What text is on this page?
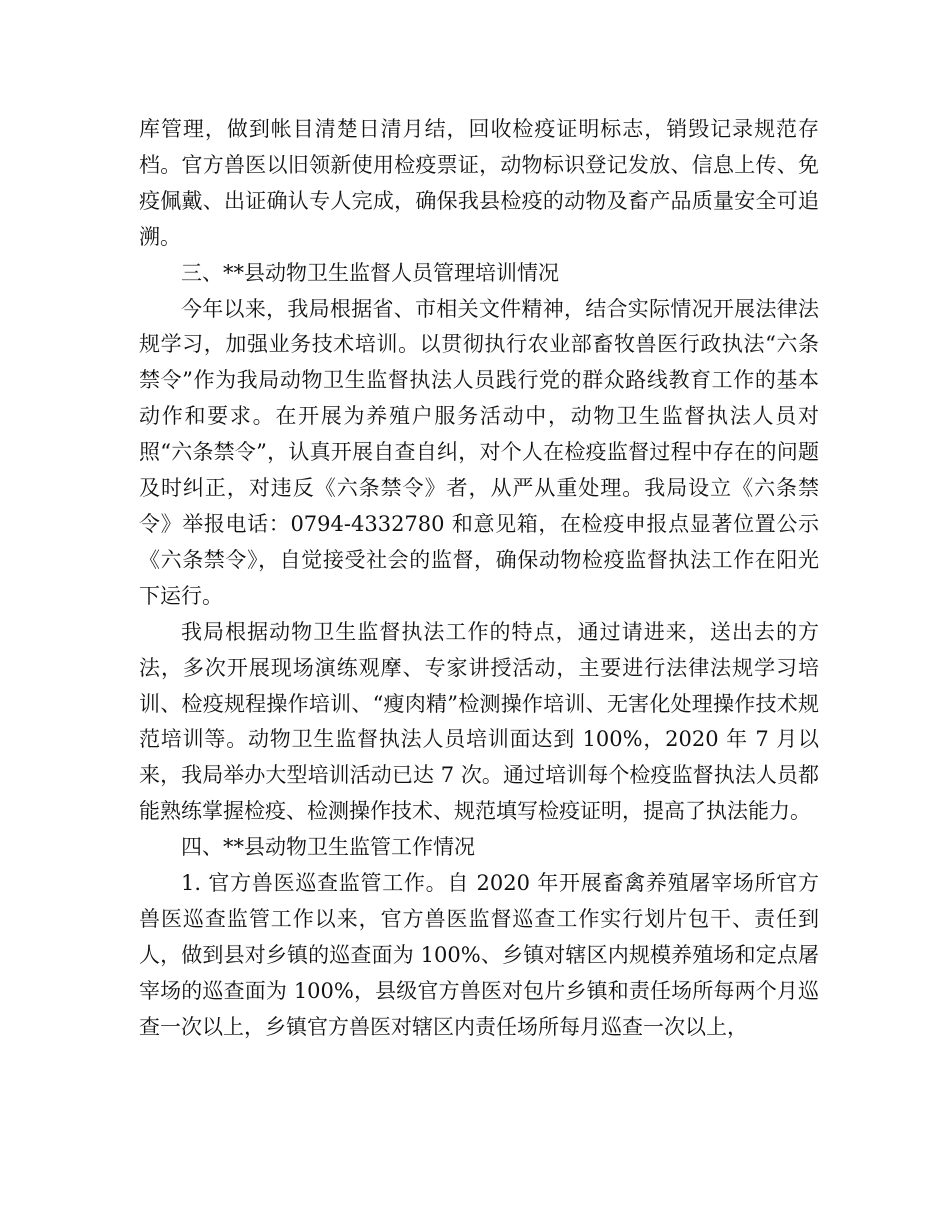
库管理，做到帐目清楚日清月结，回收检疫证明标志，销毁记录规范存档。官方兽医以旧领新使用检疫票证，动物标识登记发放、信息上传、免疫佩戴、出证确认专人完成，确保我县检疫的动物及畜产品质量安全可追溯。

三、**县动物卫生监督人员管理培训情况

今年以来，我局根据省、市相关文件精神，结合实际情况开展法律法规学习，加强业务技术培训。以贯彻执行农业部畜牧兽医行政执法“六条禁令”作为我局动物卫生监督执法人员践行党的群众路线教育工作的基本动作和要求。在开展为养殖户服务活动中，动物卫生监督执法人员对照“六条禁令”，认真开展自查自纠，对个人在检疫监督过程中存在的问题及时纠正，对违反《六条禁令》者，从严从重处理。我局设立《六条禁令》举报电话：0794-4332780 和意见箱，在检疫申报点显著位置公示《六条禁令》，自觉接受社会的监督，确保动物检疫监督执法工作在阳光下运行。

我局根据动物卫生监督执法工作的特点，通过请进来，送出去的方法，多次开展现场演练观摩、专家讲授活动，主要进行法律法规学习培训、检疫规程操作培训、“瘦肉精”检测操作培训、无害化处理操作技术规范培训等。动物卫生监督执法人员培训面达到 100%，2020 年 7 月以来，我局举办大型培训活动已达 7 次。通过培训每个检疫监督执法人员都能熟练掌握检疫、检测操作技术、规范填写检疫证明，提高了执法能力。

四、**县动物卫生监管工作情况

1. 官方兽医巡查监管工作。自 2020 年开展畜禽养殖屠宰场所官方兽医巡查监管工作以来，官方兽医监督巡查工作实行划片包干、责任到人，做到县对乡镇的巡查面为 100%、乡镇对辖区内规模养殖场和定点屠宰场的巡查面为 100%，县级官方兽医对包片乡镇和责任场所每两个月巡查一次以上，乡镇官方兽医对辖区内责任场所每月巡查一次以上，
